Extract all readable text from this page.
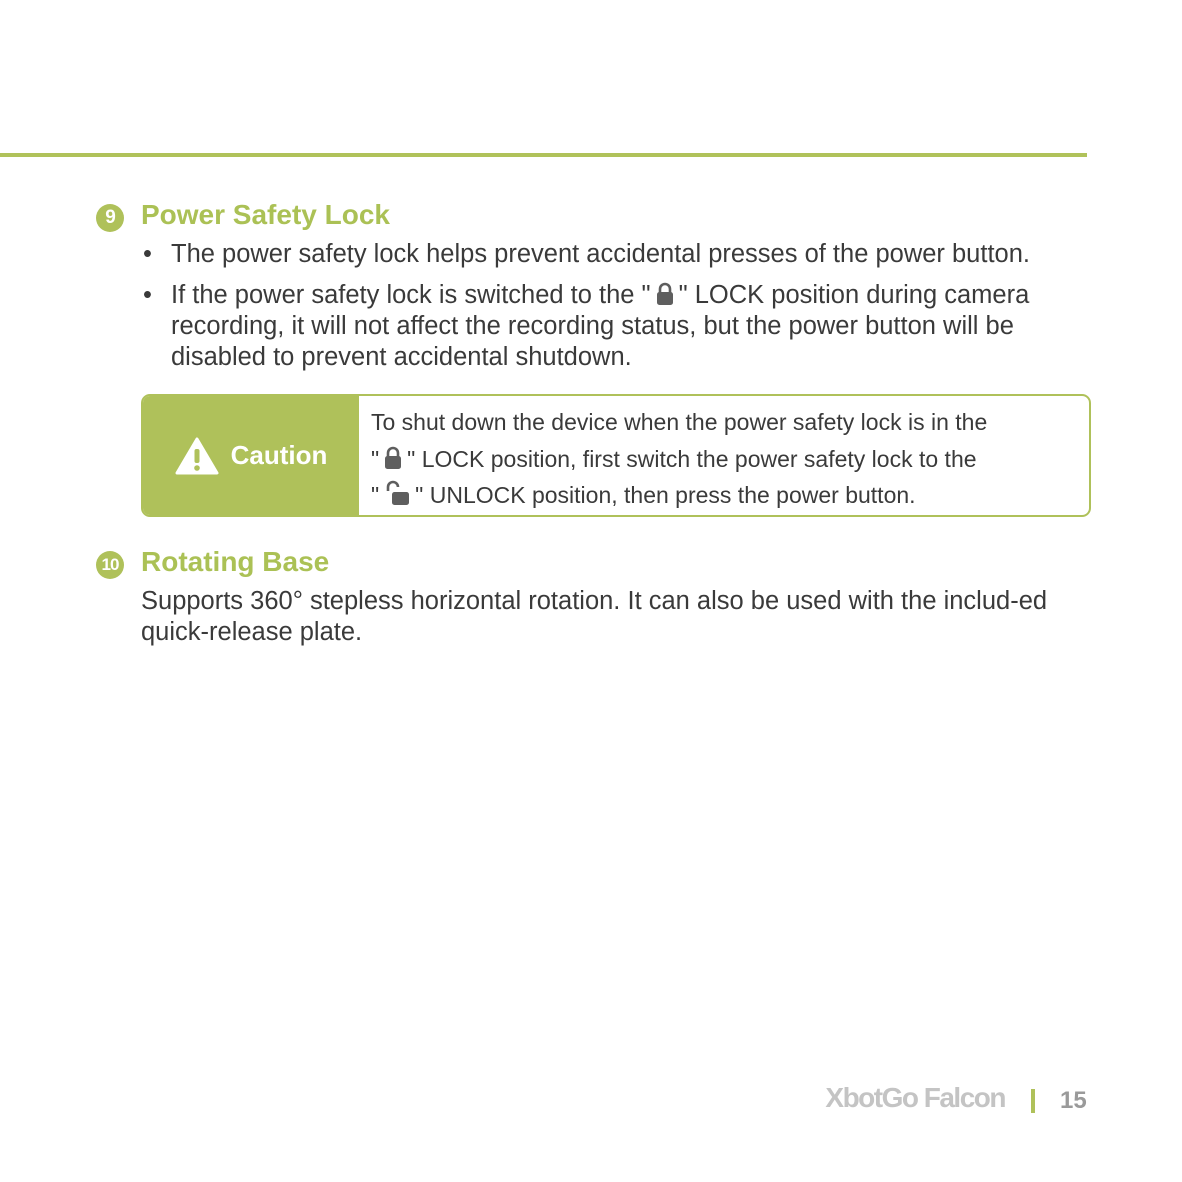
9 Power Safety Lock
• The power safety lock helps prevent accidental presses of the power button.
• If the power safety lock is switched to the " " LOCK position during camera recording, it will not affect the recording status, but the power button will be disabled to prevent accidental shutdown.
Caution
To shut down the device when the power safety lock is in the
" " LOCK position, first switch the power safety lock to the
" " UNLOCK position, then press the power button.
10 Rotating Base
Supports 360° stepless horizontal rotation. It can also be used with the includ-ed quick-release plate.
XbotGo Falcon 15
